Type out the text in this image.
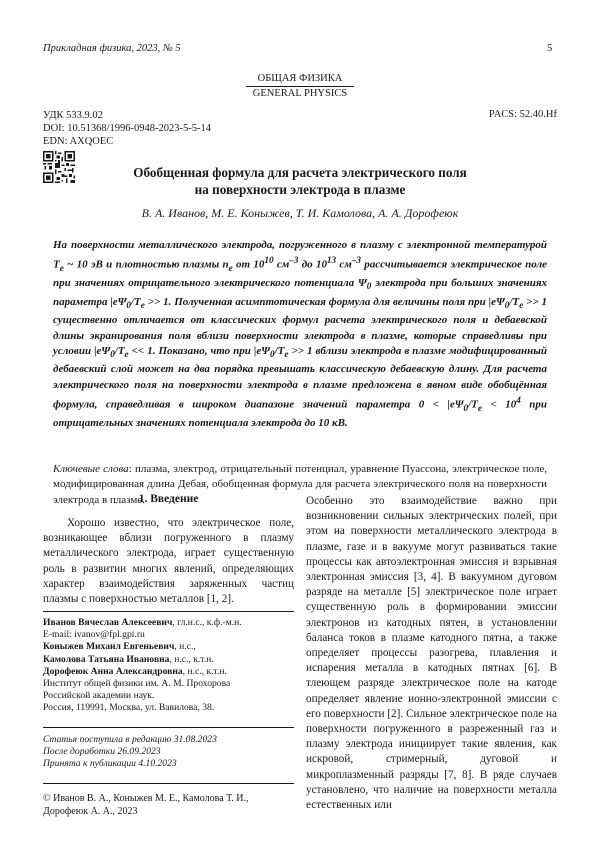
Прикладная физика, 2023, № 5	5
ОБЩАЯ ФИЗИКА
GENERAL PHYSICS
УДК 533.9.02
DOI: 10.51368/1996-0948-2023-5-5-14
EDN: AXQOEC
PACS: 52.40.Hf
Обобщенная формула для расчета электрического поля
на поверхности электрода в плазме
В. А. Иванов, М. Е. Коныжев, Т. И. Камолова, А. А. Дорофеюк
На поверхности металлического электрода, погруженного в плазму с электронной температурой $T_e$ ~ 10 эВ и плотностью плазмы $n_e$ от $10^{10}$ $см^{-3}$ до $10^{13}$ $см^{-3}$ рассчитывается электрическое поле при значениях отрицательного электрического потенциала $\Psi_0$ электрода при больших значениях параметра $|e\Psi_0/T_e >> 1$. Полученная асимптотическая формула для величины поля при $|e\Psi_0/T_e >> 1$ существенно отличается от классических формул расчета электрического поля и дебаевской длины экранирования поля вблизи поверхности электрода в плазме, которые справедливы при условии $|e\Psi_0/T_e << 1$. Показано, что при $|e\Psi_0/T_e >> 1$ вблизи электрода в плазме модифицированный дебаевский слой может на два порядка превышать классическую дебаевскую длину. Для расчета электрического поля на поверхности электрода в плазме предложена в явном виде обобщённая формула, справедливая в широком диапазоне значений параметра $0 < |e\Psi_0/T_e < 10^4$ при отрицательных значениях потенциала электрода до 10 кВ.
Ключевые слова: плазма, электрод, отрицательный потенциал, уравнение Пуассона, электрическое поле, модифицированная длина Дебая, обобщенная формула для расчета электрического поля на поверхности электрода в плазме.
1. Введение

Хорошо известно, что электрическое поле, возникающее вблизи погруженного в плазму металлического электрода, играет существенную роль в развитии многих явлений, определяющих характер взаимодействия заряженных частиц плазмы с поверхностью металлов [1, 2].

Особенно это взаимодействие важно при возникновении сильных электрических полей, при этом на поверхности металлического электрода в плазме, газе и в вакууме могут развиваться такие процессы как автоэлектронная эмиссия и взрывная электронная эмиссия [3, 4]. В вакуумном дуговом разряде на металле [5] электрическое поле играет существенную роль в формировании эмиссии электронов из катодных пятен, в установлении баланса токов в плазме катодного пятна, а также определяет процессы разогрева, плавления и испарения металла в катодных пятнах [6]. В тлеющем разряде электрическое поле на катоде определяет явление ионно-электронной эмиссии с его поверхности [2]. Сильное электрическое поле на поверхности погруженного в разреженный газ и плазму электрода инициирует такие явления, как искровой, стримерный, дуговой и микроплазменный разряды [7, 8]. В ряде случаев установлено, что наличие на поверхности металла естественных или

Иванов Вячеслав Алексеевич, гл.н.с., к.ф.-м.н.
E-mail: ivanov@fpl.gpi.ru
Коныжев Михаил Евгеньевич, н.с.,
Камолова Татьяна Ивановна, н.с., к.т.н.
Дорофеюк Анна Александровна, н.с., к.т.н.
Институт общей физики им. А. М. Прохорова
Российской академии наук.
Россия, 119991, Москва, ул. Вавилова, 38.
Статья поступила в редакцию 31.08.2023
После доработки 26.09.2023
Принята к публикации 4.10.2023
© Иванов В. А., Коныжев М. Е., Камолова Т. И., Дорофеюк А. А., 2023
